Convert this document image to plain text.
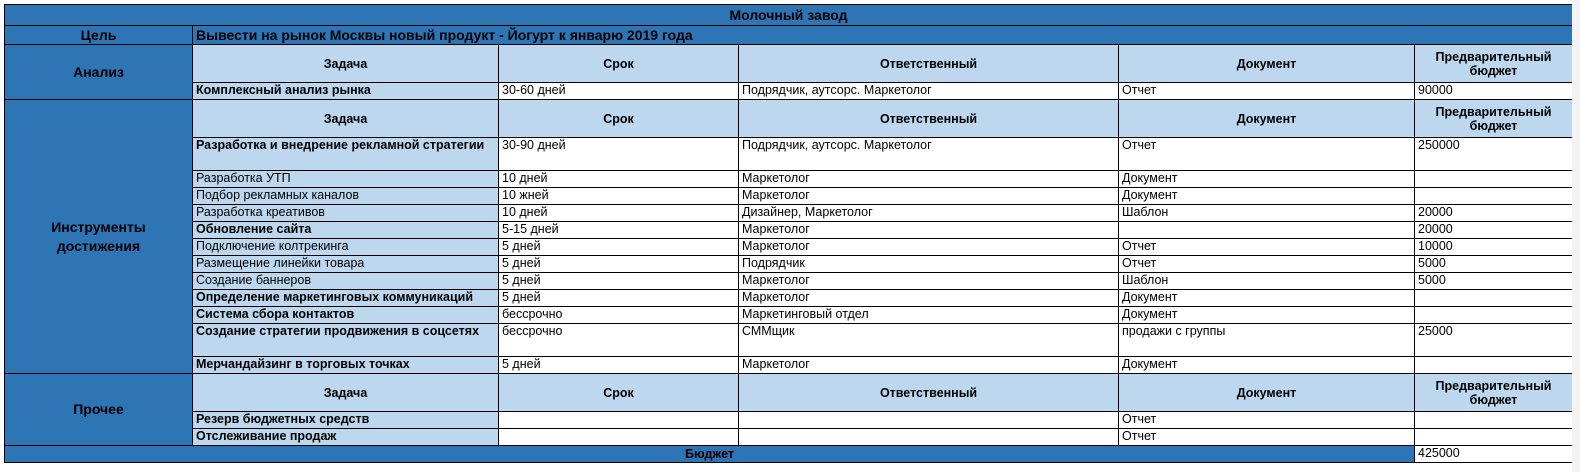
Молочный завод					
Цель	Вывести на рынок Москвы новый продукт - Йогурт к январю 2019 года				
Анализ	Задача	Срок	Ответственный	Документ	Предварительный бюджет
	Комплексный анализ рынка	30-60 дней	Подрядчик, аутсорс. Маркетолог	Отчет	90000
Инструменты достижения	Задача	Срок	Ответственный	Документ	Предварительный бюджет
	Разработка и внедрение рекламной стратегии	30-90 дней	Подрядчик, аутсорс. Маркетолог	Отчет	250000
	Разработка УТП	10 дней	Маркетолог	Документ	
	Подбор рекламных каналов	10 жней	Маркетолог	Документ	
	Разработка креативов	10 дней	Дизайнер, Маркетолог	Шаблон	20000
	Обновление сайта	5-15 дней	Маркетолог		20000
	Подключение колтрекинга	5 дней	Маркетолог	Отчет	10000
	Размещение линейки товара	5 дней	Подрядчик	Отчет	5000
	Создание баннеров	5 дней	Маркетолог	Шаблон	5000
	Определение маркетинговых коммуникаций	5 дней	Маркетолог	Документ	
	Система сбора контактов	бессрочно	Маркетинговый отдел	Документ	
	Создание стратегии продвижения в соцсетях	бессрочно	СММщик	продажи с группы	25000
	Мерчандайзинг в торговых точках	5 дней	Маркетолог	Документ	
Прочее	Задача	Срок	Ответственный	Документ	Предварительный бюджет
	Резерв бюджетных средств			Отчет	
	Отслеживание продаж			Отчет	
Бюджет					425000
